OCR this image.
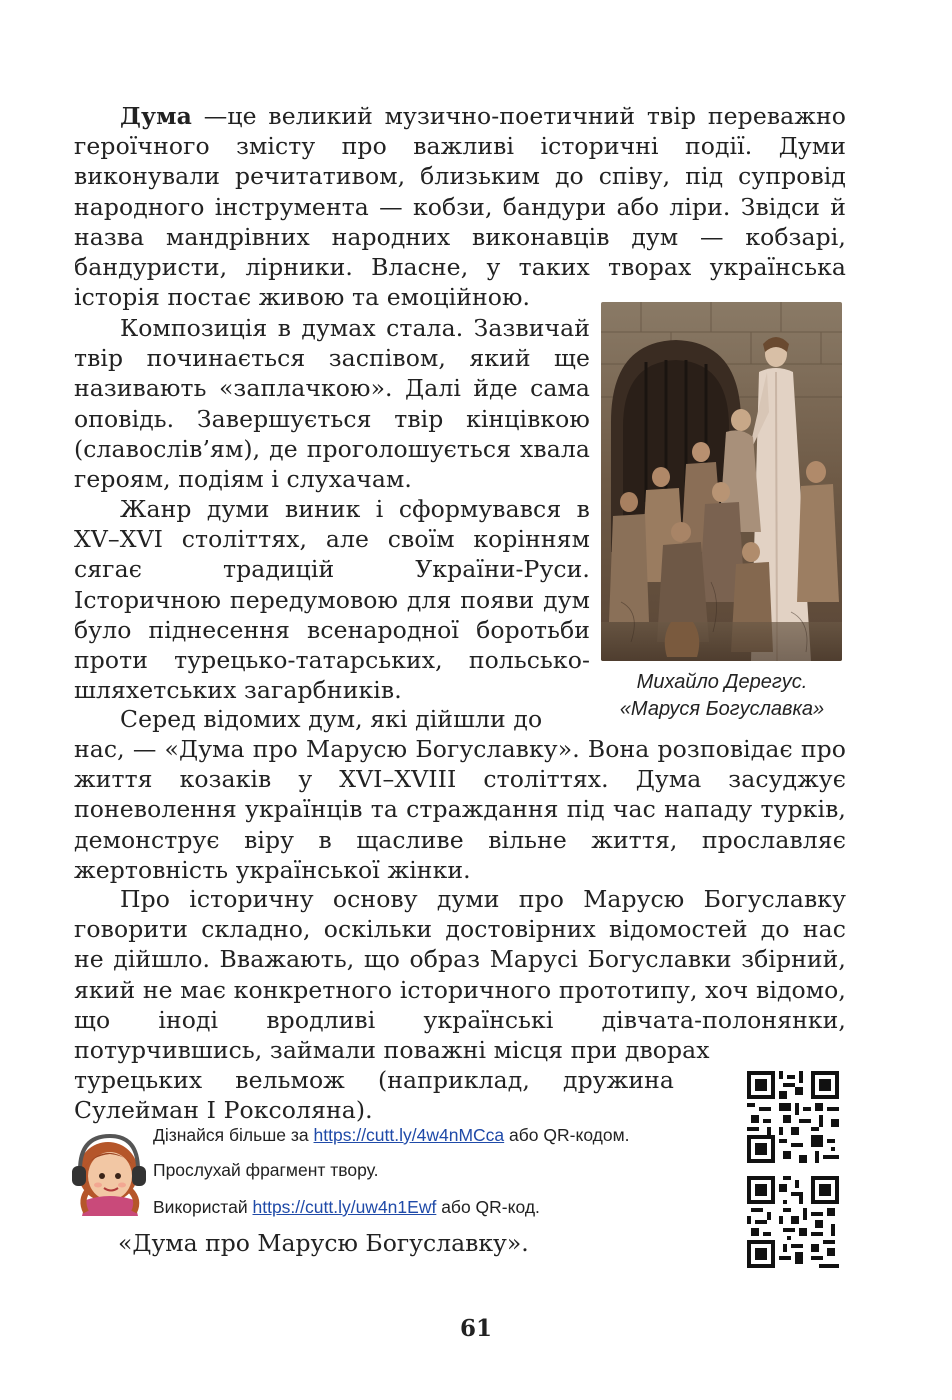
Дума —це великий музично-поетичний твір переважно героїчного змісту про важливі історичні події. Думи виконували речитативом, близьким до співу, під супровід народного інструмента — кобзи, бандури або ліри. Звідси й назва мандрівних народних виконавців дум — кобзарі, бандуристи, лірники. Власне, у таких творах українська історія постає живою та емоційною.

Композиція в думах стала. Зазвичай твір починається заспівом, який ще називають «заплачкою». Далі йде сама оповідь. Завершується твір кінцівкою (славослів’ям), де проголошується хвала героям, подіям і слухачам.

Жанр думи виник і сформувався в XV–XVI століттях, але своїм корінням сягає традицій України-Руси. Історичною передумовою для появи дум було піднесення всенародної боротьби проти турецько-татарських, польсько-шляхетських загарбників.

Серед відомих дум, які дійшли до

нас, — «Дума про Марусю Богуславку». Вона розповідає про життя козаків у XVI–XVIII століттях. Дума засуджує поневолення українців та страждання під час нападу турків, демонструє віру в щасливе вільне життя, прославляє жертовність української жінки.

Про історичну основу думи про Марусю Богуславку говорити складно, оскільки достовірних відомостей до нас не дійшло. Вважають, що образ Марусі Богуславки збірний, який не має конкретного історичного прототипу, хоч відомо, що іноді вродливі українські дівчата-полонянки, потурчившись, займали поважні місця при дворах

турецьких вельмож (наприклад, дружина Сулейман І Роксоляна).

Михайло Дерегус.
«Маруся Богуславка»
Дізнайся більше за https://cutt.ly/4w4nMCca або QR-кодом.
Прослухай фрагмент твору.
Використай https://cutt.ly/uw4n1Ewf або QR-код.
«Дума про Марусю Богуславку».
61
